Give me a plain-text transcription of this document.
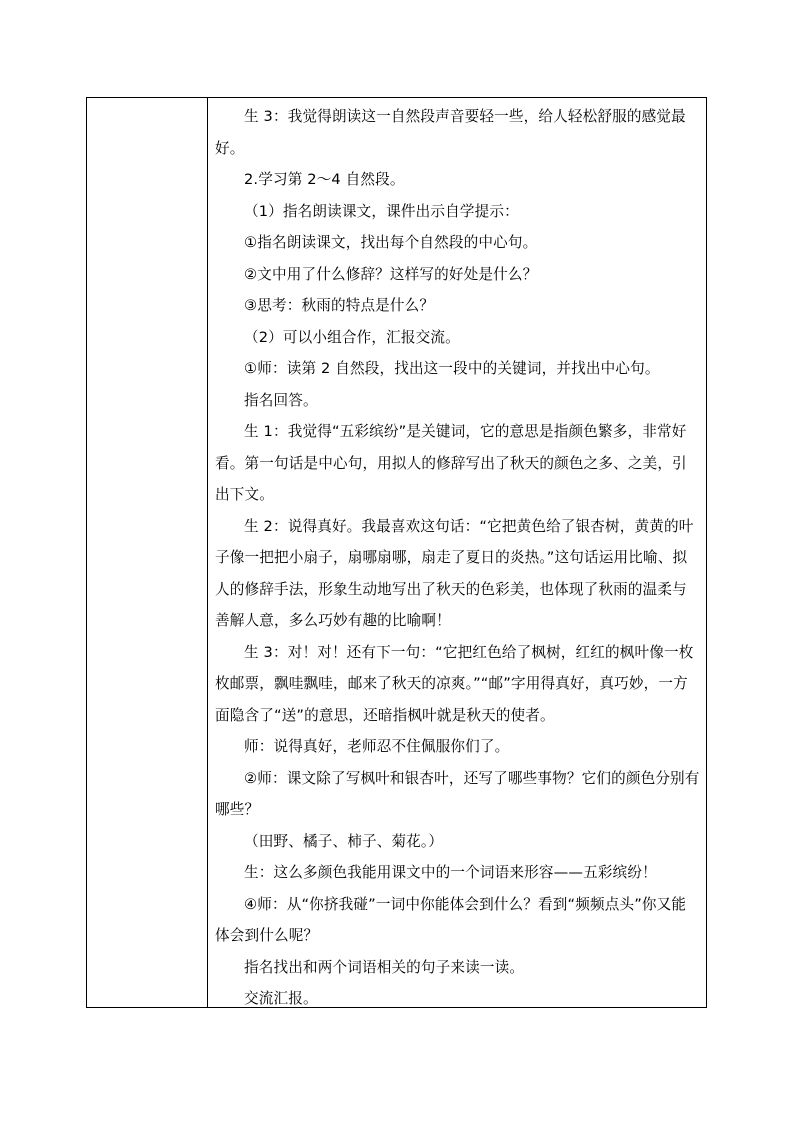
生 3：我觉得朗读这一自然段声音要轻一些，给人轻松舒服的感觉最好。

2.学习第 2～4 自然段。

（1）指名朗读课文，课件出示自学提示：

①指名朗读课文，找出每个自然段的中心句。

②文中用了什么修辞？这样写的好处是什么？

③思考：秋雨的特点是什么？

（2）可以小组合作，汇报交流。

①师：读第 2 自然段，找出这一段中的关键词，并找出中心句。

指名回答。

生 1：我觉得“五彩缤纷”是关键词，它的意思是指颜色繁多，非常好看。第一句话是中心句，用拟人的修辞写出了秋天的颜色之多、之美，引出下文。

生 2：说得真好。我最喜欢这句话：“它把黄色给了银杏树，黄黄的叶子像一把把小扇子，扇哪扇哪，扇走了夏日的炎热。”这句话运用比喻、拟人的修辞手法，形象生动地写出了秋天的色彩美，也体现了秋雨的温柔与善解人意，多么巧妙有趣的比喻啊！

生 3：对！对！还有下一句：“它把红色给了枫树，红红的枫叶像一枚枚邮票，飘哇飘哇，邮来了秋天的凉爽。”“邮”字用得真好，真巧妙，一方面隐含了“送”的意思，还暗指枫叶就是秋天的使者。

师：说得真好，老师忍不住佩服你们了。

②师：课文除了写枫叶和银杏叶，还写了哪些事物？它们的颜色分别有哪些？

（田野、橘子、柿子、菊花。）

生：这么多颜色我能用课文中的一个词语来形容——五彩缤纷！

④师：从“你挤我碰”一词中你能体会到什么？看到“频频点头”你又能体会到什么呢？

指名找出和两个词语相关的句子来读一读。

交流汇报。
